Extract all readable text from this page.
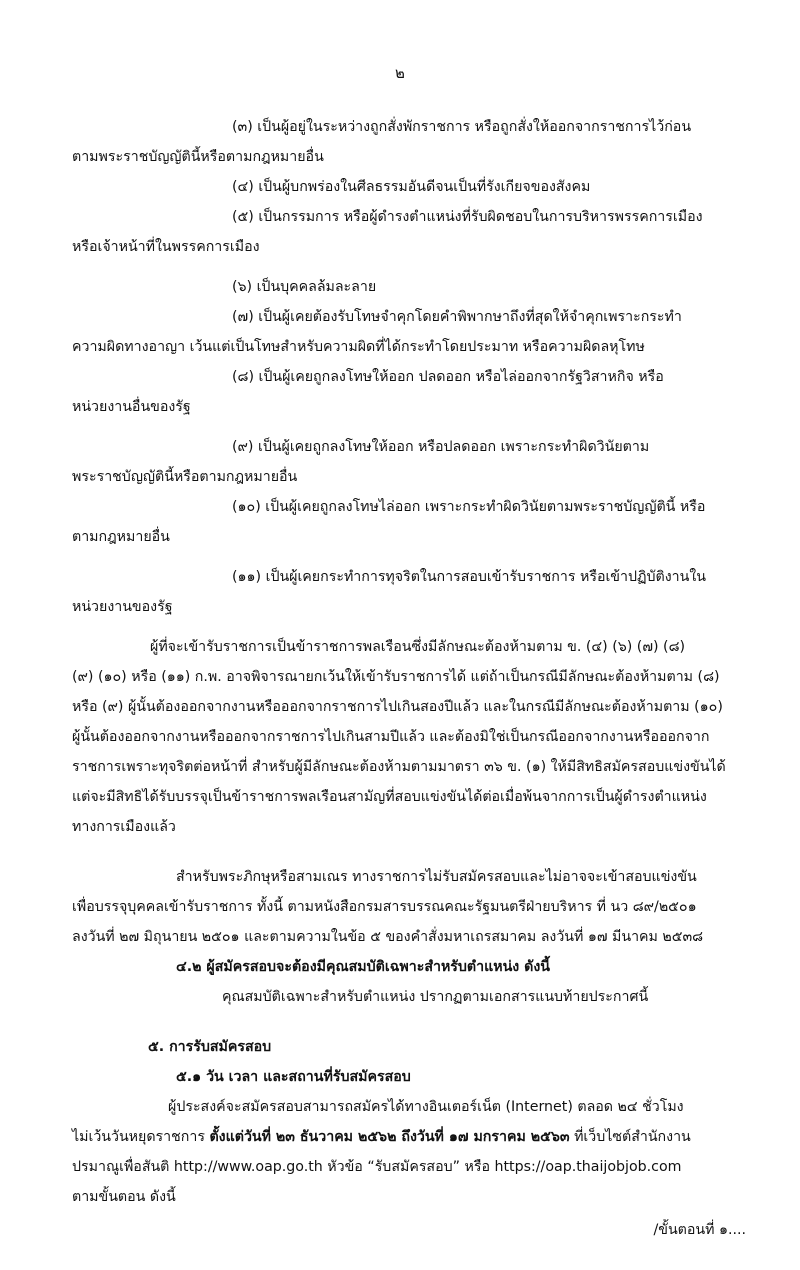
๒
(๓) เป็นผู้อยู่ในระหว่างถูกสั่งพักราชการ หรือถูกสั่งให้ออกจากราชการไว้ก่อน
ตามพระราชบัญญัตินี้หรือตามกฎหมายอื่น
(๔) เป็นผู้บกพร่องในศีลธรรมอันดีจนเป็นที่รังเกียจของสังคม
(๕) เป็นกรรมการ หรือผู้ดำรงตำแหน่งที่รับผิดชอบในการบริหารพรรคการเมือง
หรือเจ้าหน้าที่ในพรรคการเมือง
(๖) เป็นบุคคลล้มละลาย
(๗) เป็นผู้เคยต้องรับโทษจำคุกโดยคำพิพากษาถึงที่สุดให้จำคุกเพราะกระทำ
ความผิดทางอาญา เว้นแต่เป็นโทษสำหรับความผิดที่ได้กระทำโดยประมาท หรือความผิดลหุโทษ
(๘) เป็นผู้เคยถูกลงโทษให้ออก ปลดออก หรือไล่ออกจากรัฐวิสาหกิจ หรือ
หน่วยงานอื่นของรัฐ
(๙) เป็นผู้เคยถูกลงโทษให้ออก หรือปลดออก เพราะกระทำผิดวินัยตาม
พระราชบัญญัตินี้หรือตามกฎหมายอื่น
(๑๐) เป็นผู้เคยถูกลงโทษไล่ออก เพราะกระทำผิดวินัยตามพระราชบัญญัตินี้ หรือ
ตามกฎหมายอื่น
(๑๑) เป็นผู้เคยกระทำการทุจริตในการสอบเข้ารับราชการ หรือเข้าปฏิบัติงานใน
หน่วยงานของรัฐ
ผู้ที่จะเข้ารับราชการเป็นข้าราชการพลเรือนซึ่งมีลักษณะต้องห้ามตาม ข. (๔) (๖) (๗) (๘)
(๙) (๑๐) หรือ (๑๑) ก.พ. อาจพิจารณายกเว้นให้เข้ารับราชการได้ แต่ถ้าเป็นกรณีมีลักษณะต้องห้ามตาม (๘)
หรือ (๙) ผู้นั้นต้องออกจากงานหรือออกจากราชการไปเกินสองปีแล้ว และในกรณีมีลักษณะต้องห้ามตาม (๑๐)
ผู้นั้นต้องออกจากงานหรือออกจากราชการไปเกินสามปีแล้ว และต้องมิใช่เป็นกรณีออกจากงานหรือออกจาก
ราชการเพราะทุจริตต่อหน้าที่ สำหรับผู้มีลักษณะต้องห้ามตามมาตรา ๓๖ ข. (๑) ให้มีสิทธิสมัครสอบแข่งขันได้
แต่จะมีสิทธิได้รับบรรจุเป็นข้าราชการพลเรือนสามัญที่สอบแข่งขันได้ต่อเมื่อพ้นจากการเป็นผู้ดำรงตำแหน่ง
ทางการเมืองแล้ว
สำหรับพระภิกษุหรือสามเณร ทางราชการไม่รับสมัครสอบและไม่อาจจะเข้าสอบแข่งขัน
เพื่อบรรจุบุคคลเข้ารับราชการ ทั้งนี้ ตามหนังสือกรมสารบรรณคณะรัฐมนตรีฝ่ายบริหาร ที่ นว ๘๙/๒๕๐๑
ลงวันที่ ๒๗ มิถุนายน ๒๕๐๑ และตามความในข้อ ๕ ของคำสั่งมหาเถรสมาคม ลงวันที่ ๑๗ มีนาคม ๒๕๓๘
๔.๒ ผู้สมัครสอบจะต้องมีคุณสมบัติเฉพาะสำหรับตำแหน่ง ดังนี้
คุณสมบัติเฉพาะสำหรับตำแหน่ง ปรากฏตามเอกสารแนบท้ายประกาศนี้
๕. การรับสมัครสอบ
๕.๑ วัน เวลา และสถานที่รับสมัครสอบ
ผู้ประสงค์จะสมัครสอบสามารถสมัครได้ทางอินเตอร์เน็ต (Internet) ตลอด ๒๔ ชั่วโมง
ไม่เว้นวันหยุดราชการ ตั้งแต่วันที่ ๒๓ ธันวาคม ๒๕๖๒ ถึงวันที่ ๑๗ มกราคม ๒๕๖๓ ที่เว็บไซต์สำนักงาน
ปรมาณูเพื่อสันติ http://www.oap.go.th หัวข้อ “รับสมัครสอบ” หรือ https://oap.thaijobjob.com
ตามขั้นตอน ดังนี้
/ขั้นตอนที่ ๑....
